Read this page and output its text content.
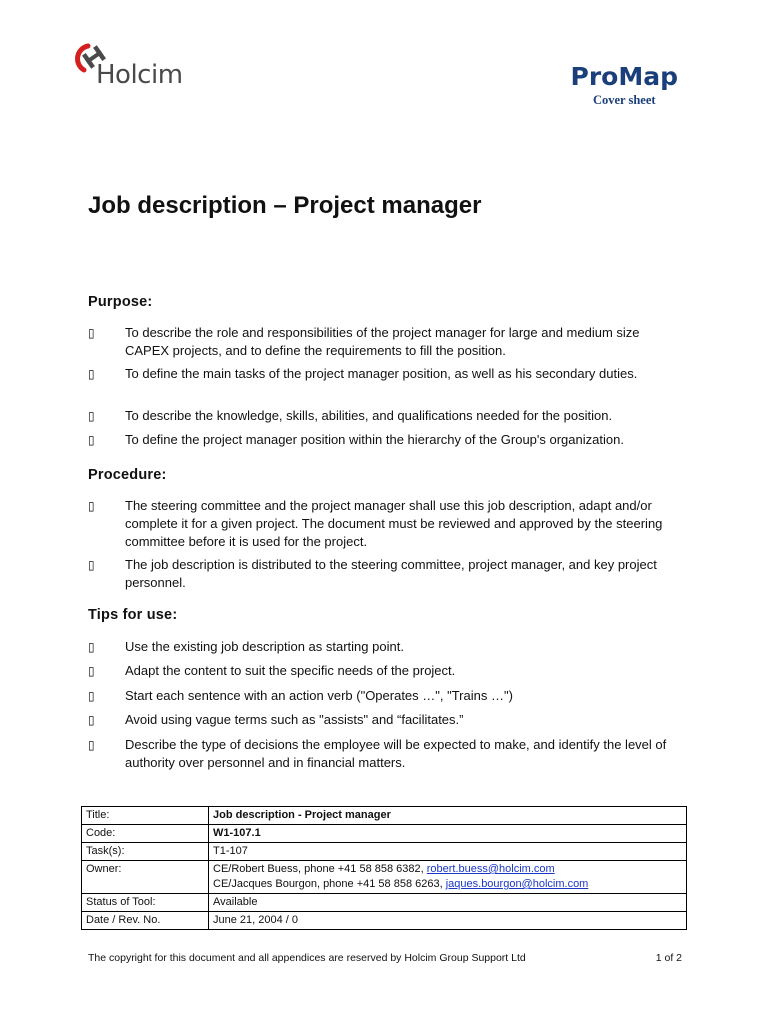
Holcim	ProMap
Cover sheet
Job description – Project manager

Purpose:

▯ To describe the role and responsibilities of the project manager for large and medium size CAPEX projects, and to define the requirements to fill the position.
▯ To define the main tasks of the project manager position, as well as his secondary duties.
▯ To describe the knowledge, skills, abilities, and qualifications needed for the position.
▯ To define the project manager position within the hierarchy of the Group's organization.

Procedure:

▯ The steering committee and the project manager shall use this job description, adapt and/or complete it for a given project. The document must be reviewed and approved by the steering committee before it is used for the project.
▯ The job description is distributed to the steering committee, project manager, and key project personnel.

Tips for use:

▯ Use the existing job description as starting point.
▯ Adapt the content to suit the specific needs of the project.
▯ Start each sentence with an action verb ("Operates …", "Trains …")
▯ Avoid using vague terms such as "assists" and “facilitates.”
▯ Describe the type of decisions the employee will be expected to make, and identify the level of authority over personnel and in financial matters.
Title:	Job description - Project manager
Code:	W1-107.1
Task(s):	T1-107
Owner:	CE/Robert Buess, phone +41 58 858 6382, robert.buess@holcim.com
CE/Jacques Bourgon, phone +41 58 858 6263, jaques.bourgon@holcim.com

Status of Tool:	Available
Date / Rev. No.	June 21, 2004 / 0
The copyright for this document and all appendices are reserved by Holcim Group Support Ltd	1 of 2
